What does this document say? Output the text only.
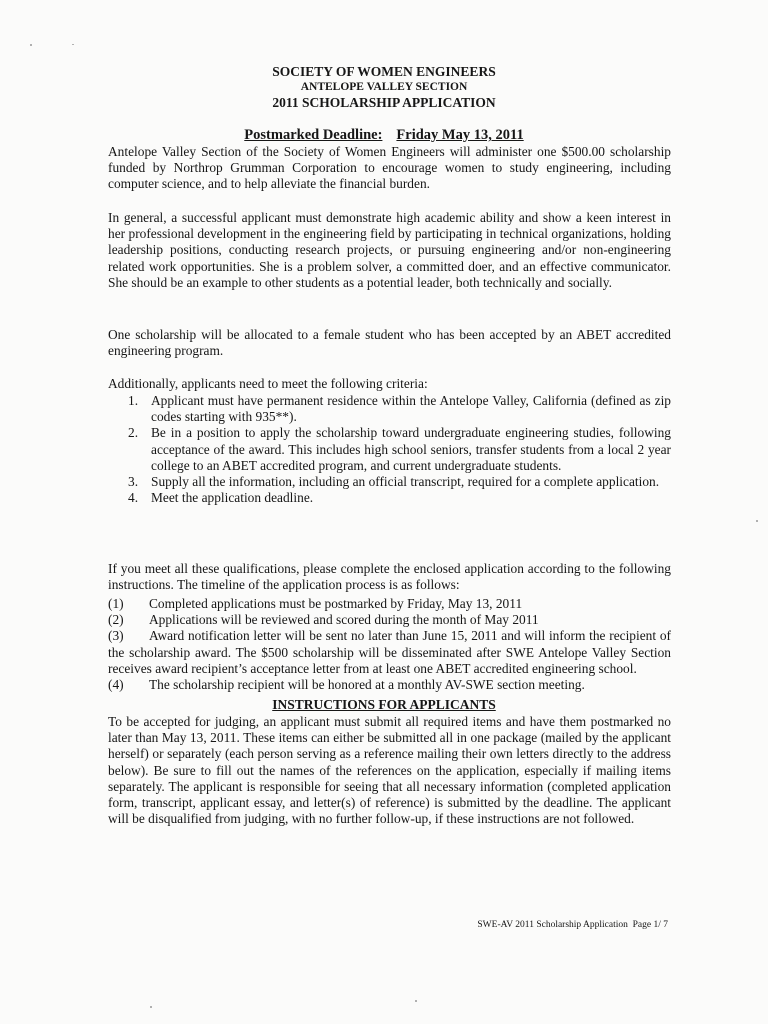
SOCIETY OF WOMEN ENGINEERS
ANTELOPE VALLEY SECTION
2011 SCHOLARSHIP APPLICATION
Postmarked Deadline: Friday May 13, 2011

Antelope Valley Section of the Society of Women Engineers will administer one $500.00 scholarship funded by Northrop Grumman Corporation to encourage women to study engineering, including computer science, and to help alleviate the financial burden.

In general, a successful applicant must demonstrate high academic ability and show a keen interest in her professional development in the engineering field by participating in technical organizations, holding leadership positions, conducting research projects, or pursuing engineering and/or non-engineering related work opportunities. She is a problem solver, a committed doer, and an effective communicator. She should be an example to other students as a potential leader, both technically and socially.

One scholarship will be allocated to a female student who has been accepted by an ABET accredited engineering program.

Additionally, applicants need to meet the following criteria:

1. Applicant must have permanent residence within the Antelope Valley, California (defined as zip codes starting with 935**).
2. Be in a position to apply the scholarship toward undergraduate engineering studies, following acceptance of the award. This includes high school seniors, transfer students from a local 2 year college to an ABET accredited program, and current undergraduate students.
3. Supply all the information, including an official transcript, required for a complete application.
4. Meet the application deadline.

If you meet all these qualifications, please complete the enclosed application according to the following instructions. The timeline of the application process is as follows:

(1) Completed applications must be postmarked by Friday, May 13, 2011
(2) Applications will be reviewed and scored during the month of May 2011
(3) Award notification letter will be sent no later than June 15, 2011 and will inform the recipient of the scholarship award. The $500 scholarship will be disseminated after SWE Antelope Valley Section receives award recipient’s acceptance letter from at least one ABET accredited engineering school.
(4) The scholarship recipient will be honored at a monthly AV-SWE section meeting.
INSTRUCTIONS FOR APPLICANTS

To be accepted for judging, an applicant must submit all required items and have them postmarked no later than May 13, 2011. These items can either be submitted all in one package (mailed by the applicant herself) or separately (each person serving as a reference mailing their own letters directly to the address below). Be sure to fill out the names of the references on the application, especially if mailing items separately. The applicant is responsible for seeing that all necessary information (completed application form, transcript, applicant essay, and letter(s) of reference) is submitted by the deadline. The applicant will be disqualified from judging, with no further follow-up, if these instructions are not followed.

SWE-AV 2011 Scholarship Application Page 1/ 7
